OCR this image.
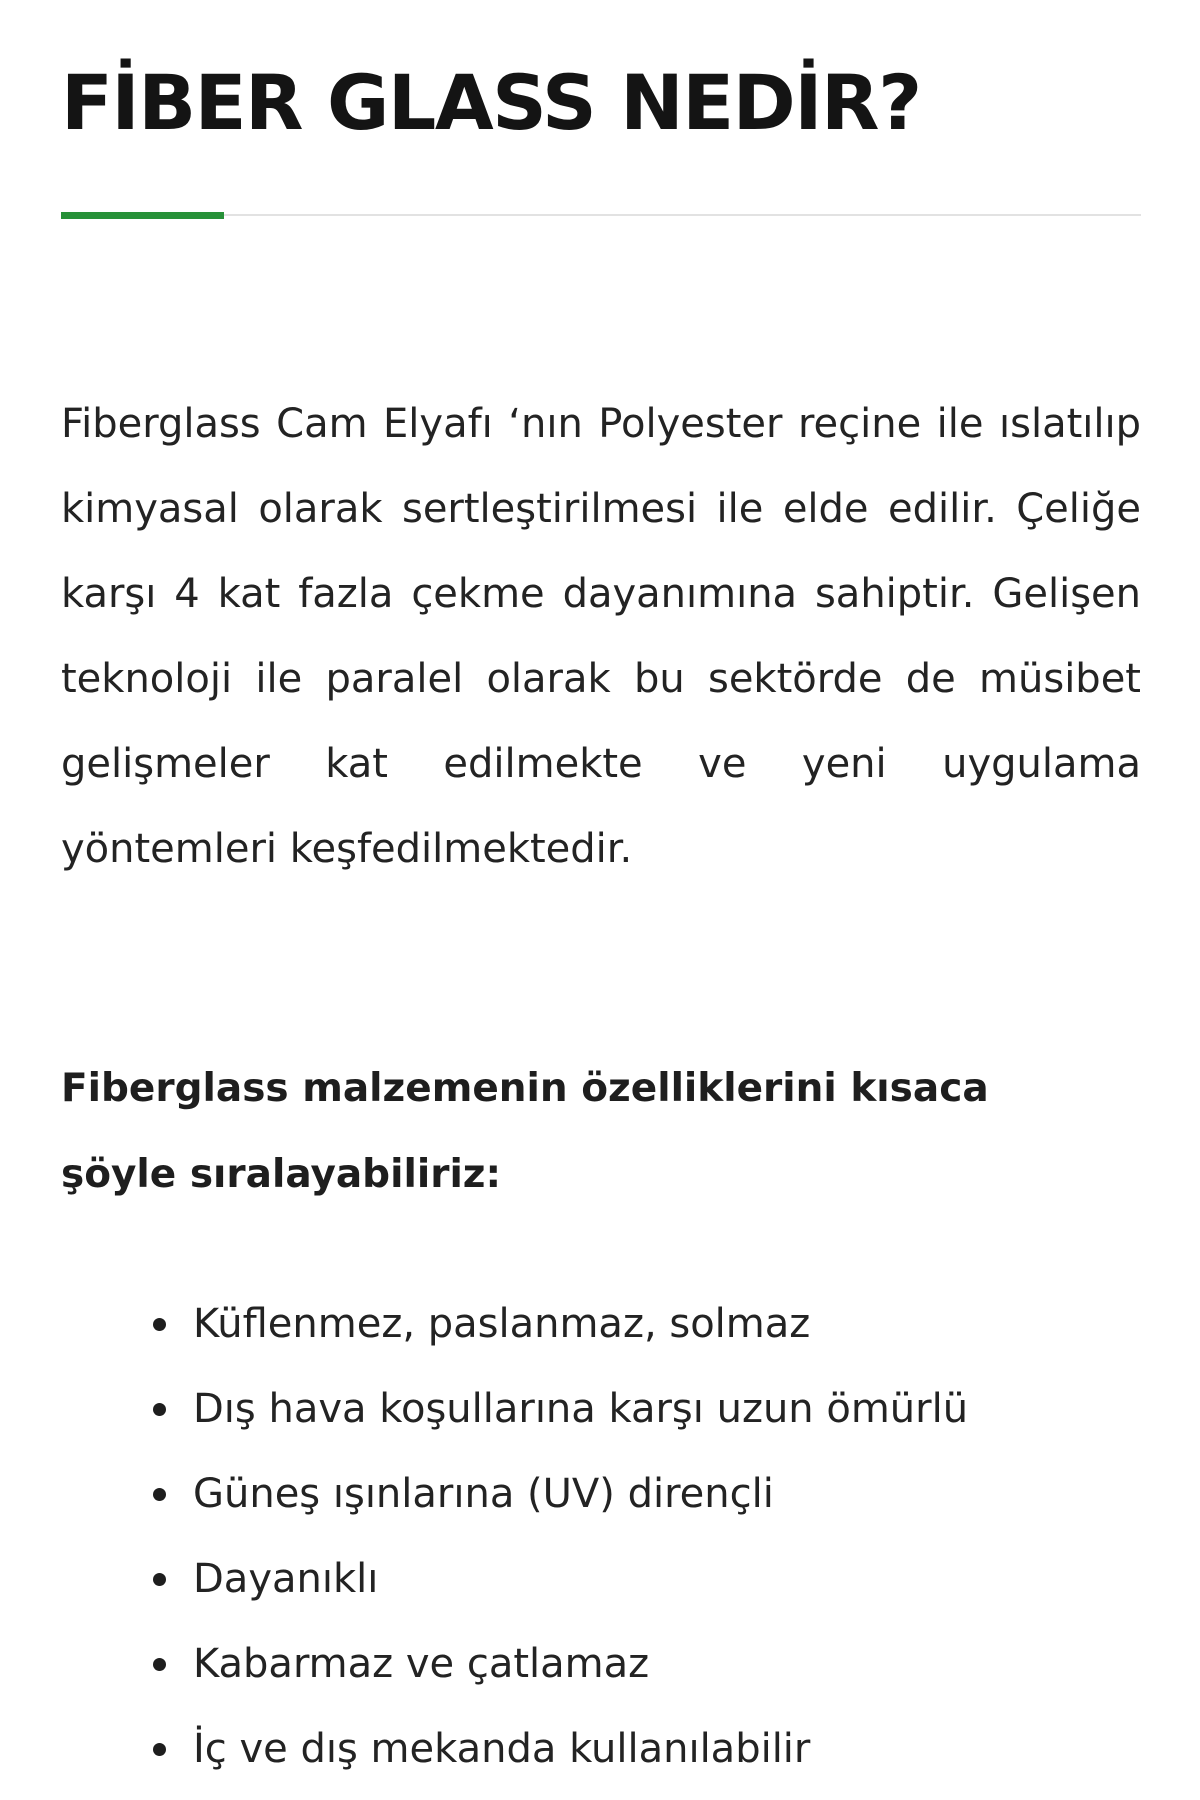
FİBER GLASS NEDİR?

Fiberglass Cam Elyafı ‘nın Polyester reçine ile ıslatılıp kimyasal olarak sertleştirilmesi ile elde edilir. Çeliğe karşı 4 kat fazla çekme dayanımına sahiptir. Gelişen teknoloji ile paralel olarak bu sektörde de müsibet gelişmeler kat edilmekte ve yeni uygulama yöntemleri keşfedilmektedir.

Fiberglass malzemenin özelliklerini kısaca şöyle sıralayabiliriz:

Küflenmez, paslanmaz, solmaz
Dış hava koşullarına karşı uzun ömürlü
Güneş ışınlarına (UV) dirençli
Dayanıklı
Kabarmaz ve çatlamaz
İç ve dış mekanda kullanılabilir
